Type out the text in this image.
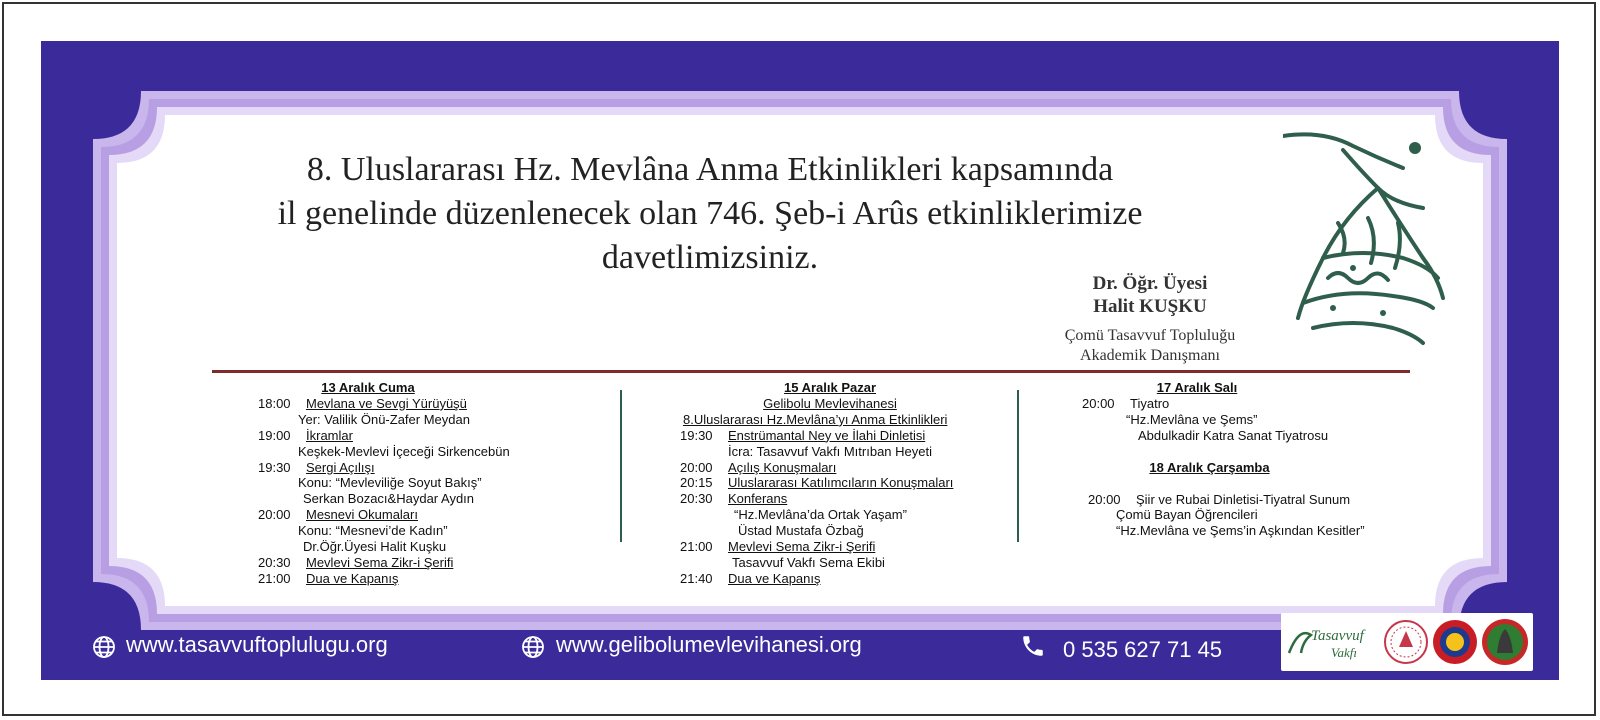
8. Uluslararası Hz. Mevlâna Anma Etkinlikleri kapsamında
il genelinde düzenlenecek olan 746. Şeb-i Arûs etkinliklerimize
davetlimizsiniz.
Dr. Öğr. Üyesi
Halit KUŞKU
Çomü Tasavvuf Topluluğu
Akademik Danışmanı
13 Aralık Cuma
18:00 Mevlana ve Sevgi Yürüyüşü
Yer: Valilik Önü-Zafer Meydan
19:00 İkramlar
Keşkek-Mevlevi İçeceği Sirkencebün
19:30 Sergi Açılışı
Konu: “Mevleviliğe Soyut Bakış”
Serkan Bozacı&Haydar Aydın
20:00 Mesnevi Okumaları
Konu: “Mesnevi’de Kadın”
Dr.Öğr.Üyesi Halit Kuşku
20:30 Mevlevi Sema Zikr-i Şerifi
21:00 Dua ve Kapanış
15 Aralık Pazar
Gelibolu Mevlevihanesi
8.Uluslararası Hz.Mevlâna’yı Anma Etkinlikleri
19:30 Enstrümantal Ney ve İlahi Dinletisi
İcra: Tasavvuf Vakfı Mıtrıban Heyeti
20:00 Açılış Konuşmaları
20:15 Uluslararası Katılımcıların Konuşmaları
20:30 Konferans
“Hz.Mevlâna’da Ortak Yaşam”
Üstad Mustafa Özbağ
21:00 Mevlevi Sema Zikr-i Şerifi
Tasavvuf Vakfı Sema Ekibi
21:40 Dua ve Kapanış
17 Aralık Salı
20:00 Tiyatro
“Hz.Mevlâna ve Şems”
Abdulkadir Katra Sanat Tiyatrosu
18 Aralık Çarşamba
20:00 Şiir ve Rubai Dinletisi-Tiyatral Sunum
Çomü Bayan Öğrencileri
“Hz.Mevlâna ve Şems’in Aşkından Kesitler”
www.tasavvuftoplulugu.org	www.gelibolumevlevihanesi.org	0 535 627 71 45
Tasavvuf
Vakfı
